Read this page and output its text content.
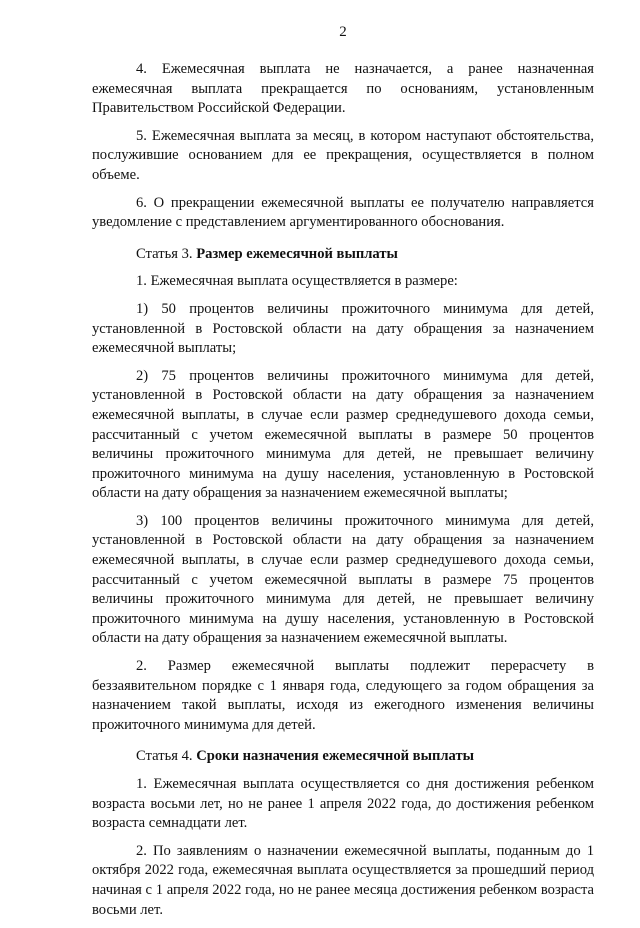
2

4. Ежемесячная выплата не назначается, а ранее назначенная ежемесячная выплата прекращается по основаниям, установленным Правительством Российской Федерации.

5. Ежемесячная выплата за месяц, в котором наступают обстоятельства, послужившие основанием для ее прекращения, осуществляется в полном объеме.

6. О прекращении ежемесячной выплаты ее получателю направляется уведомление с представлением аргументированного обоснования.

Статья 3. Размер ежемесячной выплаты

1. Ежемесячная выплата осуществляется в размере:

1) 50 процентов величины прожиточного минимума для детей, установленной в Ростовской области на дату обращения за назначением ежемесячной выплаты;

2) 75 процентов величины прожиточного минимума для детей, установленной в Ростовской области на дату обращения за назначением ежемесячной выплаты, в случае если размер среднедушевого дохода семьи, рассчитанный с учетом ежемесячной выплаты в размере 50 процентов величины прожиточного минимума для детей, не превышает величину прожиточного минимума на душу населения, установленную в Ростовской области на дату обращения за назначением ежемесячной выплаты;

3) 100 процентов величины прожиточного минимума для детей, установленной в Ростовской области на дату обращения за назначением ежемесячной выплаты, в случае если размер среднедушевого дохода семьи, рассчитанный с учетом ежемесячной выплаты в размере 75 процентов величины прожиточного минимума для детей, не превышает величину прожиточного минимума на душу населения, установленную в Ростовской области на дату обращения за назначением ежемесячной выплаты.

2. Размер ежемесячной выплаты подлежит перерасчету в беззаявительном порядке с 1 января года, следующего за годом обращения за назначением такой выплаты, исходя из ежегодного изменения величины прожиточного минимума для детей.

Статья 4. Сроки назначения ежемесячной выплаты

1. Ежемесячная выплата осуществляется со дня достижения ребенком возраста восьми лет, но не ранее 1 апреля 2022 года, до достижения ребенком возраста семнадцати лет.

2. По заявлениям о назначении ежемесячной выплаты, поданным до 1 октября 2022 года, ежемесячная выплата осуществляется за прошедший период начиная с 1 апреля 2022 года, но не ранее месяца достижения ребенком возраста восьми лет.
